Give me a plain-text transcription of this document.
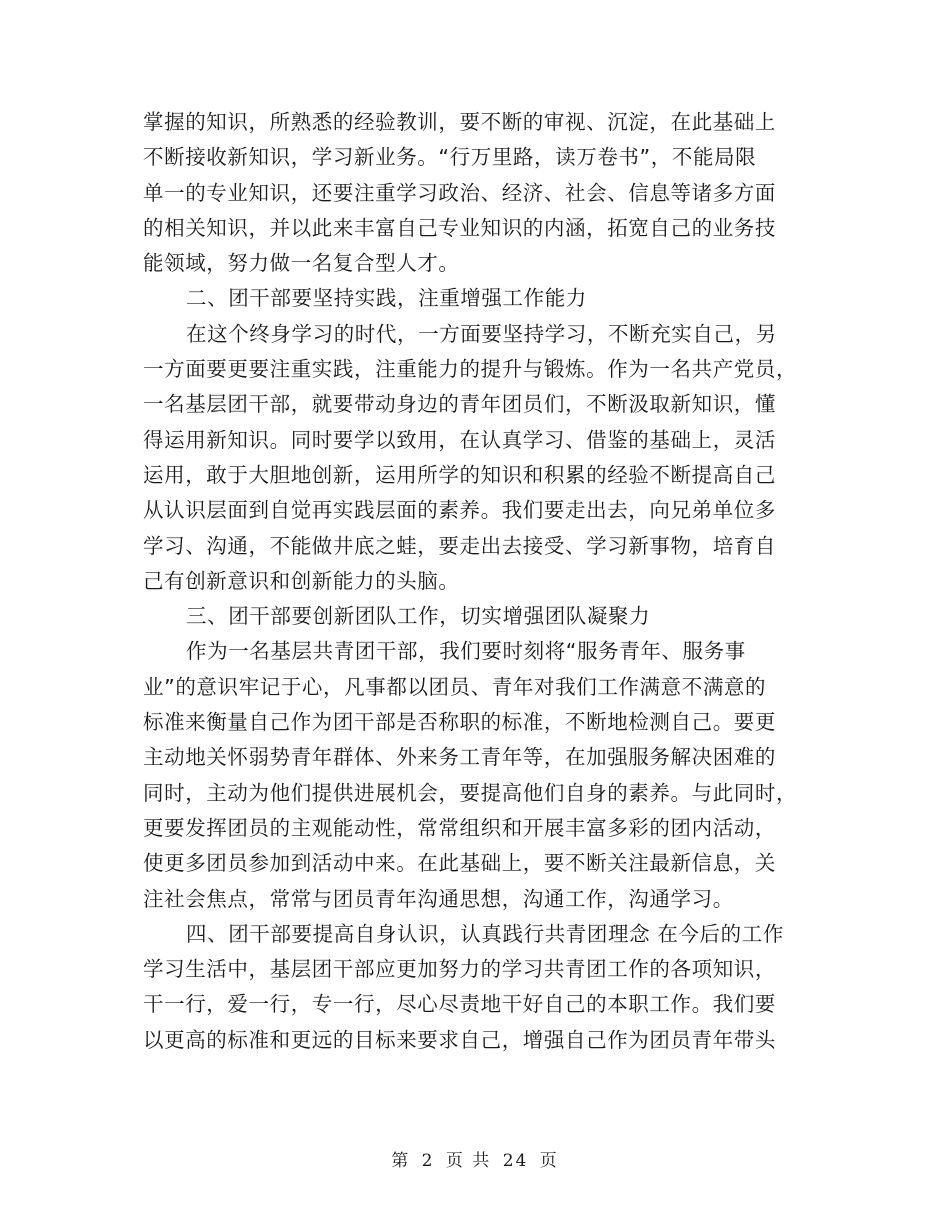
掌握的知识，所熟悉的经验教训，要不断的审视、沉淀，在此基础上
不断接收新知识，学习新业务。“行万里路，读万卷书”，不能局限
单一的专业知识，还要注重学习政治、经济、社会、信息等诸多方面
的相关知识，并以此来丰富自己专业知识的内涵，拓宽自己的业务技
能领域，努力做一名复合型人才。
二、团干部要坚持实践，注重增强工作能力
在这个终身学习的时代，一方面要坚持学习，不断充实自己，另
一方面要更要注重实践，注重能力的提升与锻炼。作为一名共产党员，
一名基层团干部，就要带动身边的青年团员们，不断汲取新知识，懂
得运用新知识。同时要学以致用，在认真学习、借鉴的基础上，灵活
运用，敢于大胆地创新，运用所学的知识和积累的经验不断提高自己
从认识层面到自觉再实践层面的素养。我们要走出去，向兄弟单位多
学习、沟通，不能做井底之蛙，要走出去接受、学习新事物，培育自
己有创新意识和创新能力的头脑。
三、团干部要创新团队工作，切实增强团队凝聚力
作为一名基层共青团干部，我们要时刻将“服务青年、服务事
业”的意识牢记于心，凡事都以团员、青年对我们工作满意不满意的
标准来衡量自己作为团干部是否称职的标准，不断地检测自己。要更
主动地关怀弱势青年群体、外来务工青年等，在加强服务解决困难的
同时，主动为他们提供进展机会，要提高他们自身的素养。与此同时，
更要发挥团员的主观能动性，常常组织和开展丰富多彩的团内活动，
使更多团员参加到活动中来。在此基础上，要不断关注最新信息，关
注社会焦点，常常与团员青年沟通思想，沟通工作，沟通学习。
四、团干部要提高自身认识，认真践行共青团理念 在今后的工作
学习生活中，基层团干部应更加努力的学习共青团工作的各项知识，
干一行，爱一行，专一行，尽心尽责地干好自己的本职工作。我们要
以更高的标准和更远的目标来要求自己，增强自己作为团员青年带头
第 2 页 共 24 页
